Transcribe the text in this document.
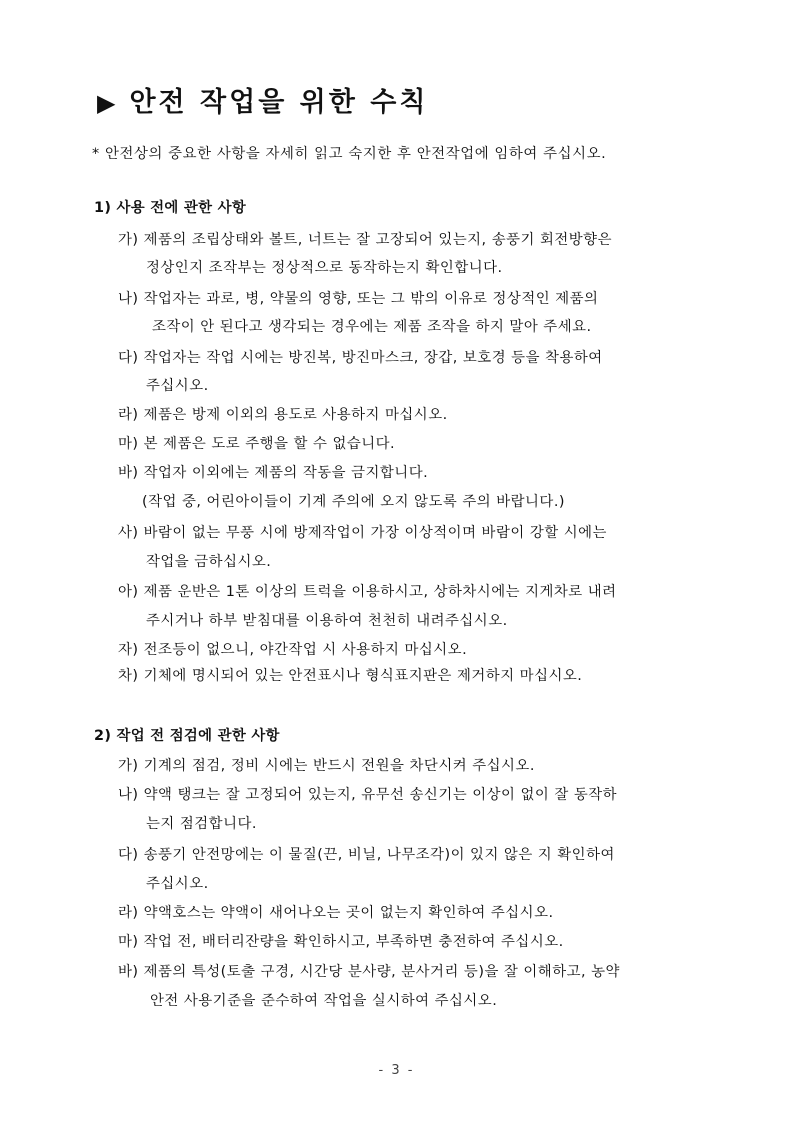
▶ 안전 작업을 위한 수칙
* 안전상의 중요한 사항을 자세히 읽고 숙지한 후 안전작업에 임하여 주십시오.
1) 사용 전에 관한 사항
가) 제품의 조립상태와 볼트, 너트는 잘 고장되어 있는지, 송풍기 회전방향은
정상인지 조작부는 정상적으로 동작하는지 확인합니다.
나) 작업자는 과로, 병, 약물의 영향, 또는 그 밖의 이유로 정상적인 제품의
조작이 안 된다고 생각되는 경우에는 제품 조작을 하지 말아 주세요.
다) 작업자는 작업 시에는 방진복, 방진마스크, 장갑, 보호경 등을 착용하여
주십시오.
라) 제품은 방제 이외의 용도로 사용하지 마십시오.
마) 본 제품은 도로 주행을 할 수 없습니다.
바) 작업자 이외에는 제품의 작동을 금지합니다.
(작업 중, 어린아이들이 기계 주의에 오지 않도록 주의 바랍니다.)
사) 바람이 없는 무풍 시에 방제작업이 가장 이상적이며 바람이 강할 시에는
작업을 금하십시오.
아) 제품 운반은 1톤 이상의 트럭을 이용하시고, 상하차시에는 지게차로 내려
주시거나 하부 받침대를 이용하여 천천히 내려주십시오.
자) 전조등이 없으니, 야간작업 시 사용하지 마십시오.
차) 기체에 명시되어 있는 안전표시나 형식표지판은 제거하지 마십시오.
2) 작업 전 점검에 관한 사항
가) 기계의 점검, 정비 시에는 반드시 전원을 차단시켜 주십시오.
나) 약액 탱크는 잘 고정되어 있는지, 유무선 송신기는 이상이 없이 잘 동작하
는지 점검합니다.
다) 송풍기 안전망에는 이 물질(끈, 비닐, 나무조각)이 있지 않은 지 확인하여
주십시오.
라) 약액호스는 약액이 새어나오는 곳이 없는지 확인하여 주십시오.
마) 작업 전, 배터리잔량을 확인하시고, 부족하면 충전하여 주십시오.
바) 제품의 특성(토출 구경, 시간당 분사량, 분사거리 등)을 잘 이해하고, 농약
안전 사용기준을 준수하여 작업을 실시하여 주십시오.
- 3 -
